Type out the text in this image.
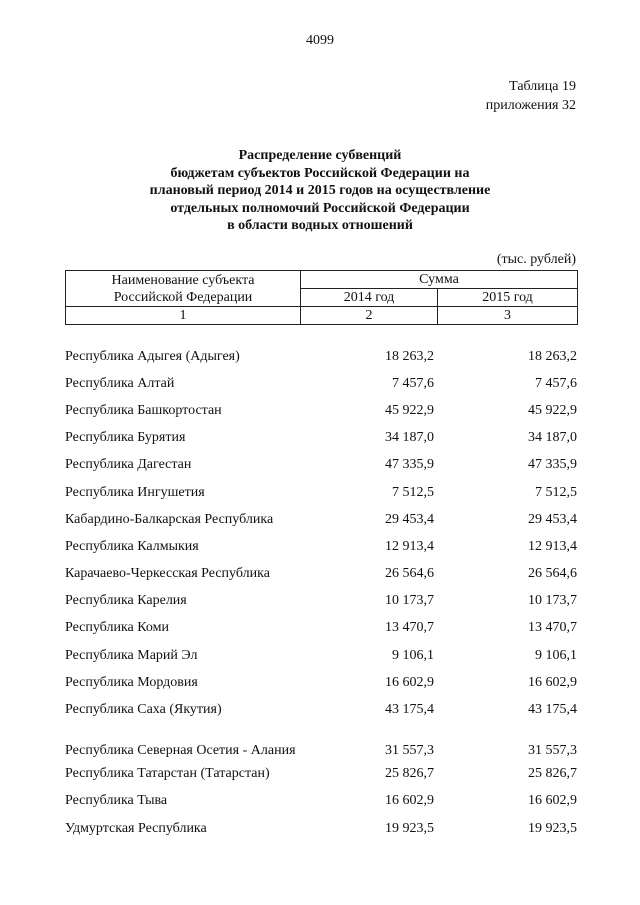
4099
Таблица 19
приложения 32
Распределение субвенций
бюджетам субъектов Российской Федерации на
плановый период 2014 и 2015 годов на осуществление
отдельных полномочий Российской Федерации
в области водных отношений
(тыс. рублей)
Наименование субъекта
Российской Федерации	Сумма	
	2014 год	2015 год
1	2	3
Республика Адыгея (Адыгея)	18 263,2	18 263,2
Республика Алтай	7 457,6	7 457,6
Республика Башкортостан	45 922,9	45 922,9
Республика Бурятия	34 187,0	34 187,0
Республика Дагестан	47 335,9	47 335,9
Республика Ингушетия	7 512,5	7 512,5
Кабардино-Балкарская Республика	29 453,4	29 453,4
Республика Калмыкия	12 913,4	12 913,4
Карачаево-Черкесская Республика	26 564,6	26 564,6
Республика Карелия	10 173,7	10 173,7
Республика Коми	13 470,7	13 470,7
Республика Марий Эл	9 106,1	9 106,1
Республика Мордовия	16 602,9	16 602,9
Республика Саха (Якутия)	43 175,4	43 175,4
Республика Северная Осетия - Алания	31 557,3	31 557,3
Республика Татарстан (Татарстан)	25 826,7	25 826,7
Республика Тыва	16 602,9	16 602,9
Удмуртская Республика	19 923,5	19 923,5
